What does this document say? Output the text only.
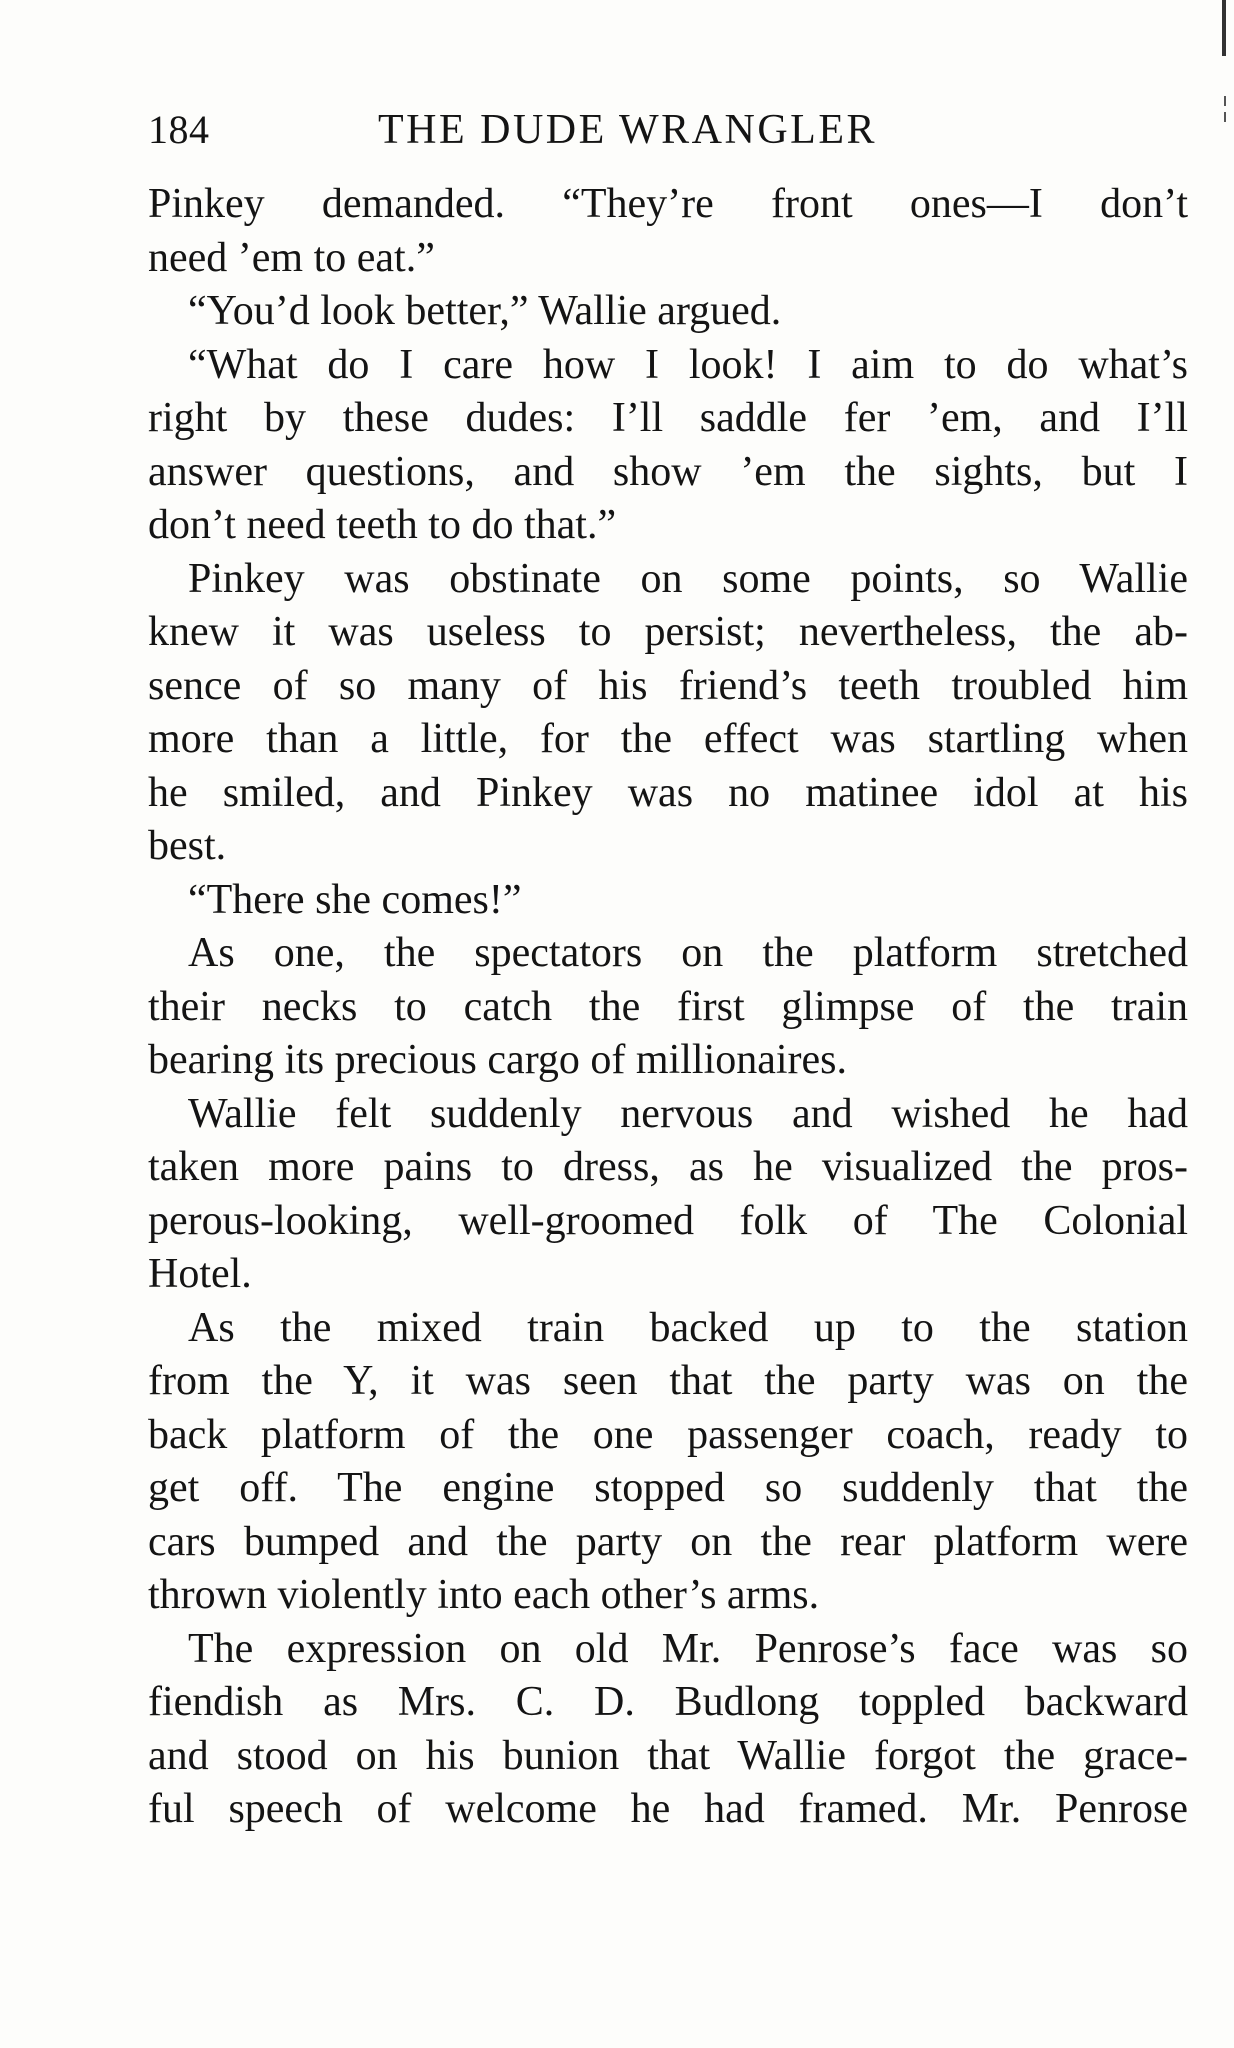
184	THE DUDE WRANGLER
Pinkey demanded. “They’re front ones—I don’t
need ’em to eat.”
“You’d look better,” Wallie argued.
“What do I care how I look! I aim to do what’s
right by these dudes: I’ll saddle fer ’em, and I’ll
answer questions, and show ’em the sights, but I
don’t need teeth to do that.”
Pinkey was obstinate on some points, so Wallie
knew it was useless to persist; nevertheless, the ab-
sence of so many of his friend’s teeth troubled him
more than a little, for the effect was startling when
he smiled, and Pinkey was no matinee idol at his
best.
“There she comes!”
As one, the spectators on the platform stretched
their necks to catch the first glimpse of the train
bearing its precious cargo of millionaires.
Wallie felt suddenly nervous and wished he had
taken more pains to dress, as he visualized the pros-
perous-looking, well-groomed folk of The Colonial
Hotel.
As the mixed train backed up to the station
from the Y, it was seen that the party was on the
back platform of the one passenger coach, ready to
get off. The engine stopped so suddenly that the
cars bumped and the party on the rear platform were
thrown violently into each other’s arms.
The expression on old Mr. Penrose’s face was so
fiendish as Mrs. C. D. Budlong toppled backward
and stood on his bunion that Wallie forgot the grace-
ful speech of welcome he had framed. Mr. Penrose
